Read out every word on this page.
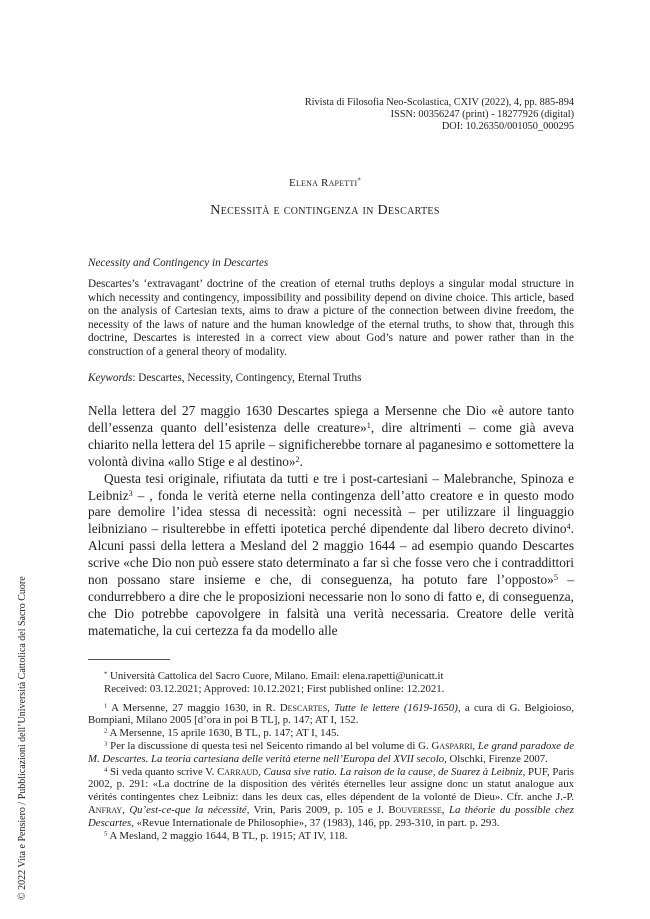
Rivista di Filosofia Neo-Scolastica, CXIV (2022), 4, pp. 885-894
ISSN: 00356247 (print) - 18277926 (digital)
DOI: 10.26350/001050_000295
Elena Rapetti*
Necessità e contingenza in Descartes
Necessity and Contingency in Descartes
Descartes’s ‘extravagant’ doctrine of the creation of eternal truths deploys a singular modal structure in which necessity and contingency, impossibility and possibility depend on divine choice. This article, based on the analysis of Cartesian texts, aims to draw a picture of the connection between divine freedom, the necessity of the laws of nature and the human knowledge of the eternal truths, to show that, through this doctrine, Descartes is interested in a correct view about God’s nature and power rather than in the construction of a general theory of modality.
Keywords: Descartes, Necessity, Contingency, Eternal Truths

Nella lettera del 27 maggio 1630 Descartes spiega a Mersenne che Dio «è autore tanto dell’essenza quanto dell’esistenza delle creature»$^1$, dire altrimenti – come già aveva chiarito nella lettera del 15 aprile – significherebbe tornare al paganesimo e sottomettere la volontà divina «allo Stige e al destino»$^2$.

Questa tesi originale, rifiutata da tutti e tre i post-cartesiani – Malebranche, Spinoza e Leibniz$^3$ – , fonda le verità eterne nella contingenza dell’atto creatore e in questo modo pare demolire l’idea stessa di necessità: ogni necessità – per utilizzare il linguaggio leibniziano – risulterebbe in effetti ipotetica perché dipendente dal libero decreto divino$^4$. Alcuni passi della lettera a Mesland del 2 maggio 1644 – ad esempio quando Descartes scrive «che Dio non può essere stato determinato a far sì che fosse vero che i contraddittori non possano stare insieme e che, di conseguenza, ha potuto fare l’opposto»$^5$ – condurrebbero a dire che le proposizioni necessarie non lo sono di fatto e, di conseguenza, che Dio potrebbe capovolgere in falsità una verità necessaria. Creatore delle verità matematiche, la cui certezza fa da modello alle

* Università Cattolica del Sacro Cuore, Milano. Email: elena.rapetti@unicatt.it

Received: 03.12.2021; Approved: 10.12.2021; First published online: 12.2021.

$^1$ A Mersenne, 27 maggio 1630, in R. Descartes, Tutte le lettere (1619-1650), a cura di G. Belgioioso, Bompiani, Milano 2005 [d’ora in poi B TL], p. 147; AT I, 152.

$^2$ A Mersenne, 15 aprile 1630, B TL, p. 147; AT I, 145.

$^3$ Per la discussione di questa tesi nel Seicento rimando al bel volume di G. Gasparri, Le grand paradoxe de M. Descartes. La teoria cartesiana delle verità eterne nell’Europa del XVII secolo, Olschki, Firenze 2007.

$^4$ Si veda quanto scrive V. Carraud, Causa sive ratio. La raison de la cause, de Suarez à Leibniz, PUF, Paris 2002, p. 291: «La doctrine de la disposition des vérités éternelles leur assigne donc un statut analogue aux vérités contingentes chez Leibniz: dans les deux cas, elles dépendent de la volonté de Dieu». Cfr. anche J.-P. Anfray, Qu’est-ce-que la nécessité, Vrin, Paris 2009, p. 105 e J. Bouveresse, La théorie du possible chez Descartes, «Revue Internationale de Philosophie», 37 (1983), 146, pp. 293-310, in part. p. 293.

$^5$ A Mesland, 2 maggio 1644, B TL, p. 1915; AT IV, 118.

© 2022 Vita e Pensiero / Pubblicazioni dell’Università Cattolica del Sacro Cuore
